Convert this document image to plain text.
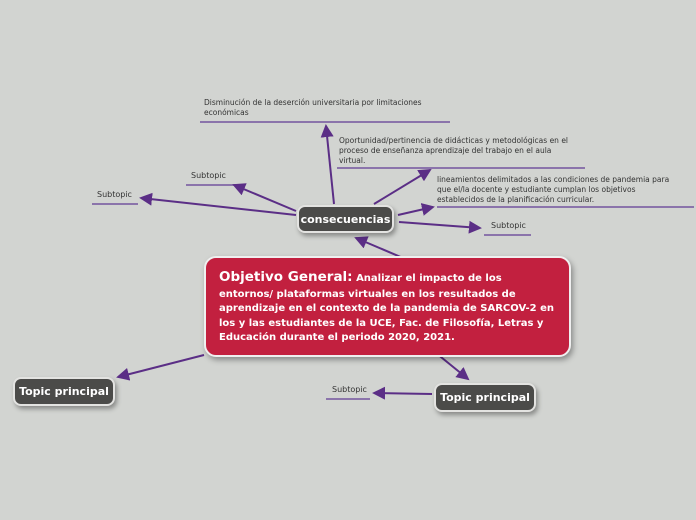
Disminución de la deserción universitaria por limitaciones
económicas
Oportunidad/pertinencia de didácticas y metodológicas en el
proceso de enseñanza aprendizaje del trabajo en el aula
virtual.
lineamientos delimitados a las condiciones de pandemia para
que el/la docente y estudiante cumplan los objetivos
establecidos de la planificación curricular.
Subtopic
Subtopic
Subtopic
Subtopic
consecuencias
Objetivo General: Analizar el impacto de los entornos/ plataformas virtuales en los resultados de aprendizaje en el contexto de la pandemia de SARCOV-2 en los y las estudiantes de la UCE, Fac. de Filosofía, Letras y Educación durante el periodo 2020, 2021.
Topic principal	Topic principal
